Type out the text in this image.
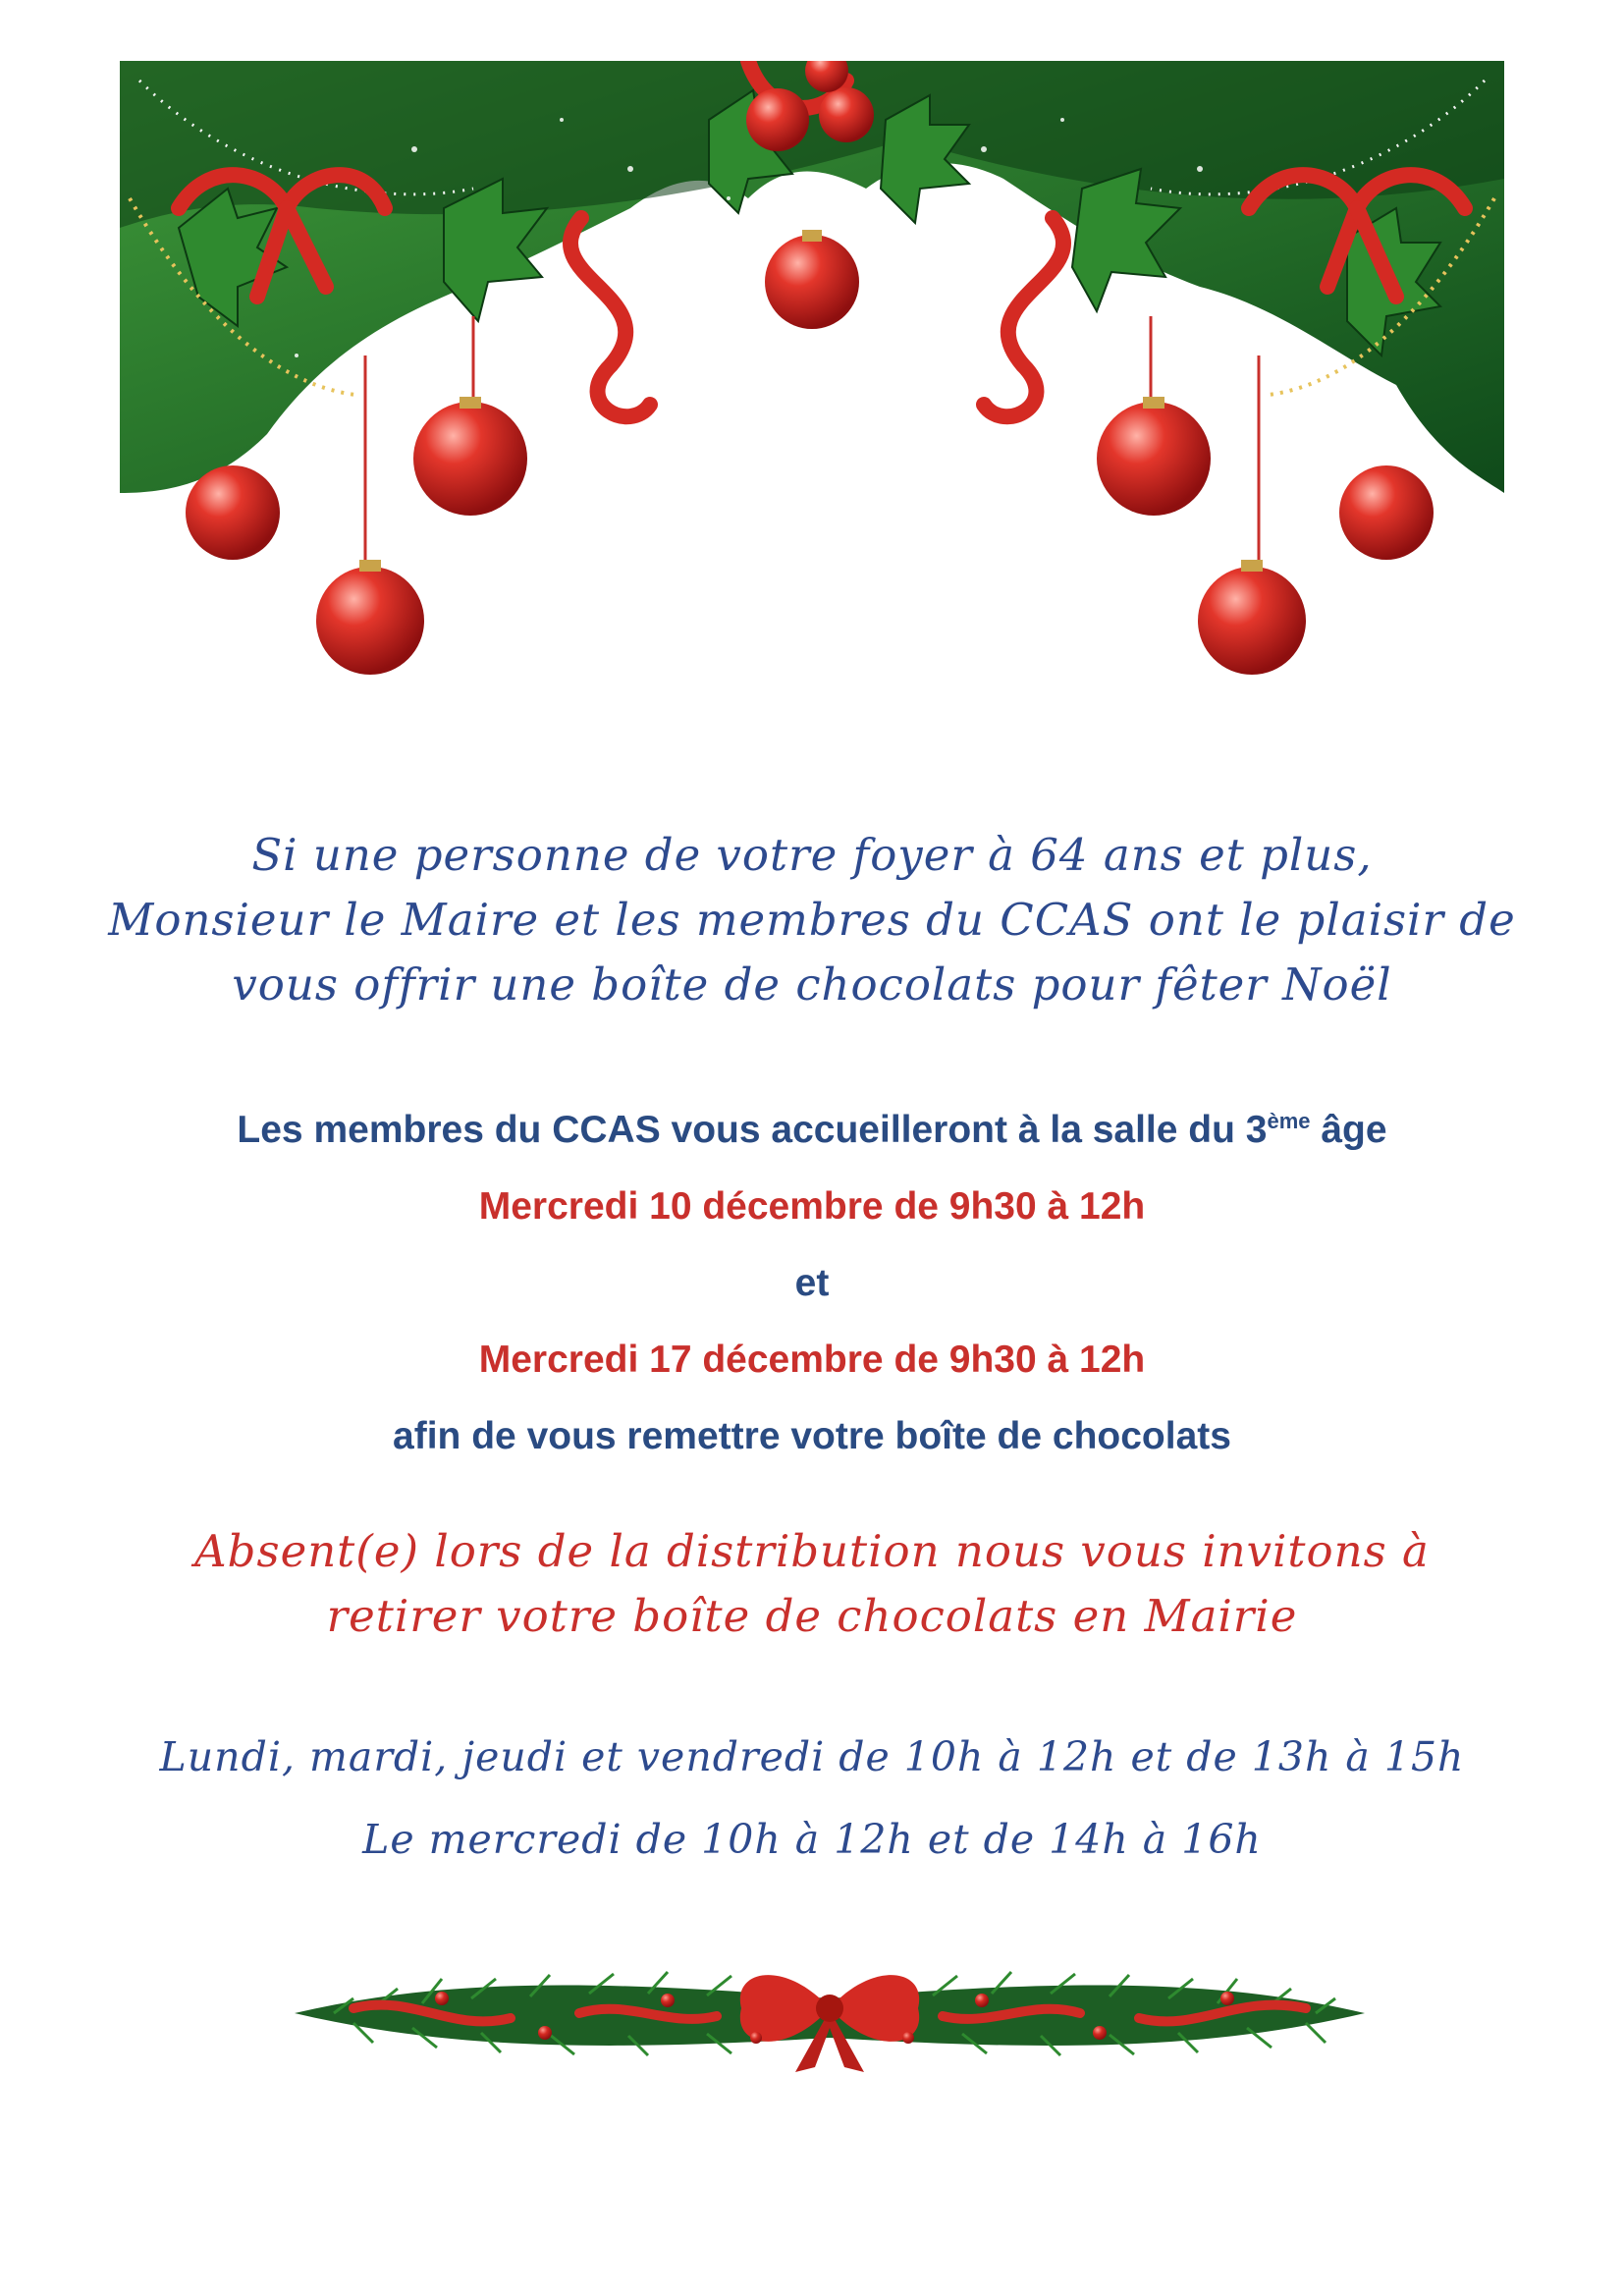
Si une personne de votre foyer à 64 ans et plus,
Monsieur le Maire et les membres du CCAS ont le plaisir de
vous offrir une boîte de chocolats pour fêter Noël
Les membres du CCAS vous accueilleront à la salle du 3ème âge
Mercredi 10 décembre de 9h30 à 12h
et
Mercredi 17 décembre de 9h30 à 12h
afin de vous remettre votre boîte de chocolats
Absent(e) lors de la distribution nous vous invitons à
retirer votre boîte de chocolats en Mairie
Lundi, mardi, jeudi et vendredi de 10h à 12h et de 13h à 15h
Le mercredi de 10h à 12h et de 14h à 16h
